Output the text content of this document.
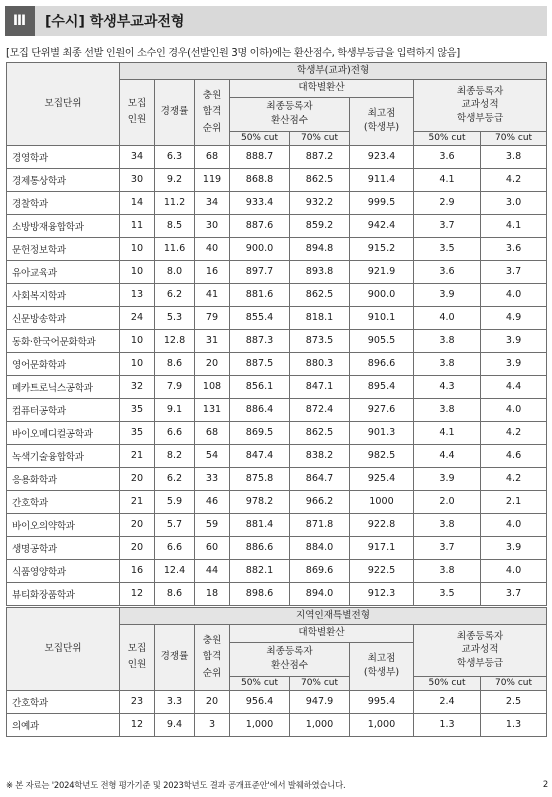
Ⅲ	[수시] 학생부교과전형
[모집 단위별 최종 선발 인원이 소수인 경우(선발인원 3명 이하)에는 환산점수, 학생부등급을 입력하지 않음]
모집단위	학생부(교과)전형							
	모집
인원	경쟁률	충원
합격
순위	대학별환산			최종등록자
교과성적
학생부등급	
				최종등록자
환산점수		최고점
(학생부)		
				50% cut	70% cut		50% cut	70% cut
경영학과	34	6.3	68	888.7	887.2	923.4	3.6	3.8
경제통상학과	30	9.2	119	868.8	862.5	911.4	4.1	4.2
경찰학과	14	11.2	34	933.4	932.2	999.5	2.9	3.0
소방방재융합학과	11	8.5	30	887.6	859.2	942.4	3.7	4.1
문헌정보학과	10	11.6	40	900.0	894.8	915.2	3.5	3.6
유아교육과	10	8.0	16	897.7	893.8	921.9	3.6	3.7
사회복지학과	13	6.2	41	881.6	862.5	900.0	3.9	4.0
신문방송학과	24	5.3	79	855.4	818.1	910.1	4.0	4.9
동화·한국어문화학과	10	12.8	31	887.3	873.5	905.5	3.8	3.9
영어문화학과	10	8.6	20	887.5	880.3	896.6	3.8	3.9
메카트로닉스공학과	32	7.9	108	856.1	847.1	895.4	4.3	4.4
컴퓨터공학과	35	9.1	131	886.4	872.4	927.6	3.8	4.0
바이오메디컬공학과	35	6.6	68	869.5	862.5	901.3	4.1	4.2
녹색기술융합학과	21	8.2	54	847.4	838.2	982.5	4.4	4.6
응용화학과	20	6.2	33	875.8	864.7	925.4	3.9	4.2
간호학과	21	5.9	46	978.2	966.2	1000	2.0	2.1
바이오의약학과	20	5.7	59	881.4	871.8	922.8	3.8	4.0
생명공학과	20	6.6	60	886.6	884.0	917.1	3.7	3.9
식품영양학과	16	12.4	44	882.1	869.6	922.5	3.8	4.0
뷰티화장품학과	12	8.6	18	898.6	894.0	912.3	3.5	3.7
모집단위	지역인재특별전형							
	모집
인원	경쟁률	충원
합격
순위	대학별환산			최종등록자
교과성적
학생부등급	
				최종등록자
환산점수		최고점
(학생부)		
				50% cut	70% cut		50% cut	70% cut
간호학과	23	3.3	20	956.4	947.9	995.4	2.4	2.5
의예과	12	9.4	3	1,000	1,000	1,000	1.3	1.3
※ 본 자료는 '2024학년도 전형 평가기준 및 2023학년도 결과 공개표준안'에서 발췌하였습니다.	2
